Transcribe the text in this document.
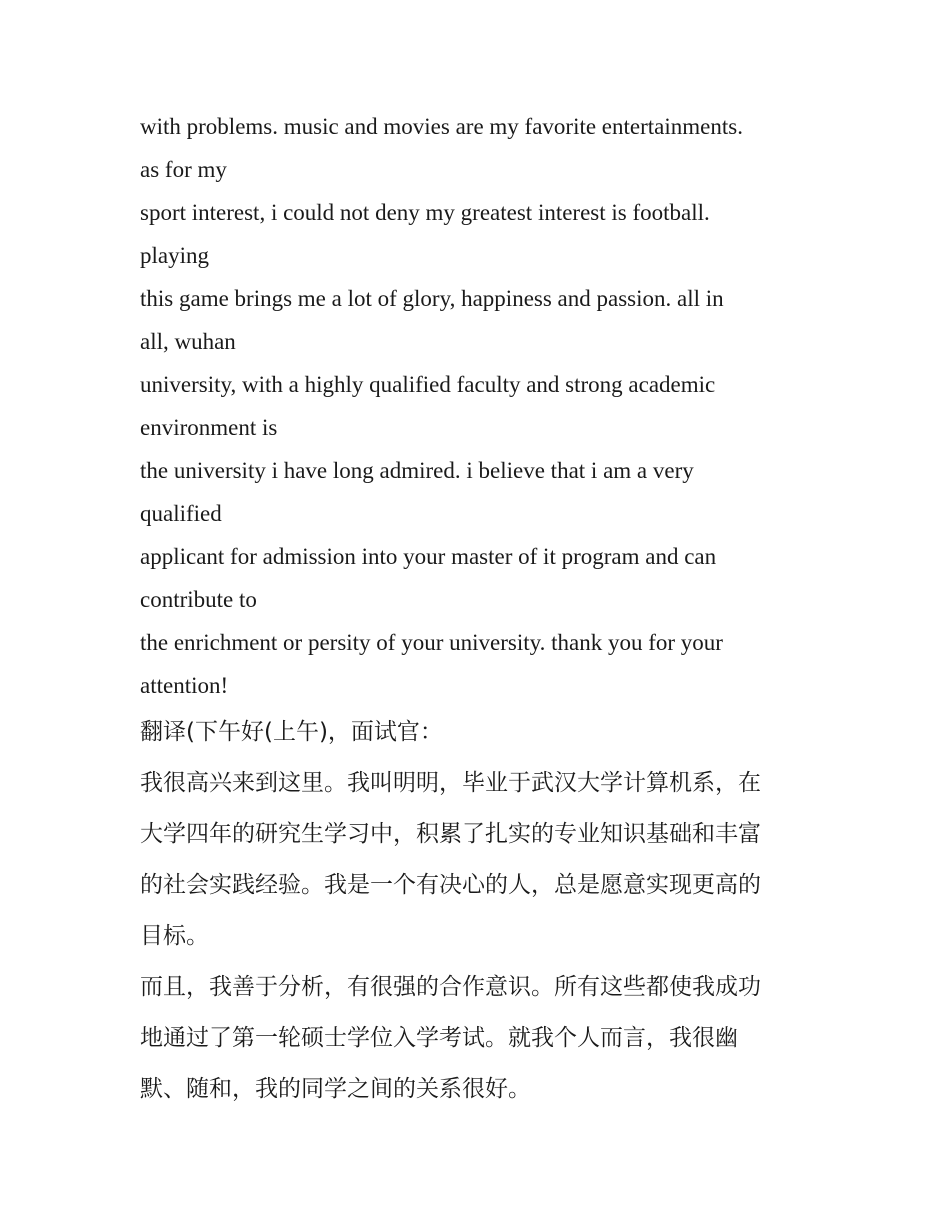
with problems. music and movies are my favorite entertainments.

as for my

sport interest, i could not deny my greatest interest is football.

playing

this game brings me a lot of glory, happiness and passion. all in

all, wuhan

university, with a highly qualified faculty and strong academic

environment is

the university i have long admired. i believe that i am a very

qualified

applicant for admission into your master of it program and can

contribute to

the enrichment or persity of your university. thank you for your

attention!

翻译(下午好(上午)，面试官：

我很高兴来到这里。我叫明明，毕业于武汉大学计算机系，在

大学四年的研究生学习中，积累了扎实的专业知识基础和丰富

的社会实践经验。我是一个有决心的人，总是愿意实现更高的

目标。

而且，我善于分析，有很强的合作意识。所有这些都使我成功

地通过了第一轮硕士学位入学考试。就我个人而言，我很幽

默、随和，我的同学之间的关系很好。
